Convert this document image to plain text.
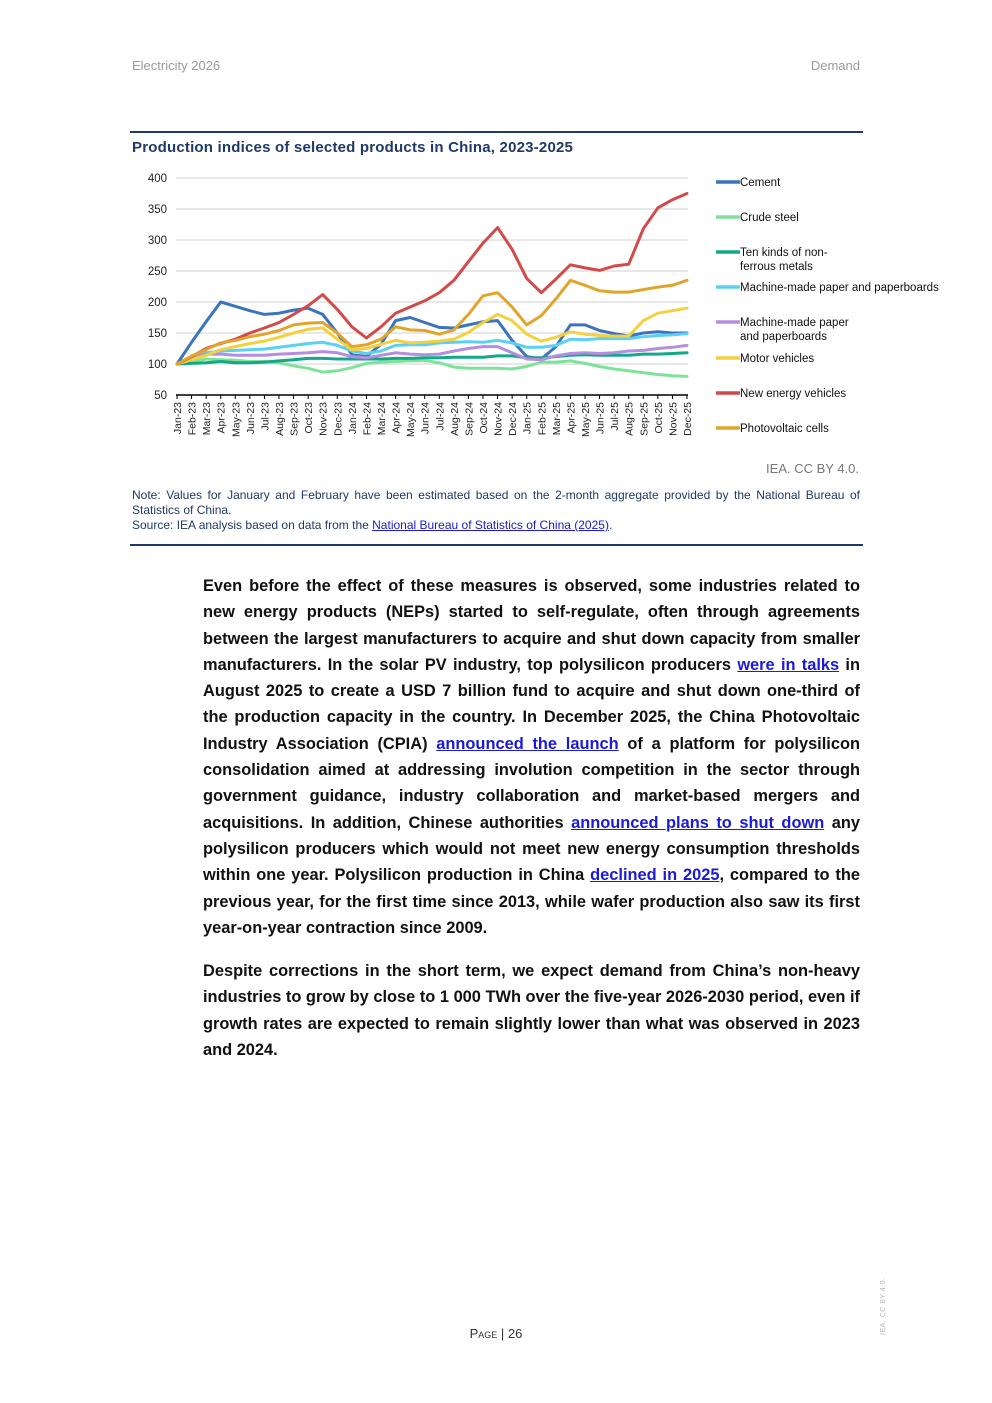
Electricity 2026	Demand
Production indices of selected products in China, 2023-2025
50
100
150
200
250
300
350
400
Jan-23 Feb-23 Mar-23 Apr-23 May-23 Jun-23 Jul-23 Aug-23 Sep-23 Oct-23 Nov-23 Dec-23 Jan-24 Feb-24 Mar-24 Apr-24 May-24 Jun-24 Jul-24 Aug-24 Sep-24 Oct-24 Nov-24 Dec-24 Jan-25 Feb-25 Mar-25 Apr-25 May-25 Jun-25 Jul-25 Aug-25 Sep-25 Oct-25 Nov-25 Dec-25
Cement
Crude steel
Ten kinds of non-ferrous metals
Machine-made paper and paperboards
Machine-made paper and paperboards
Motor vehicles
New energy vehicles
Photovoltaic cells
IEA. CC BY 4.0.
Note: Values for January and February have been estimated based on the 2-month aggregate provided by the National Bureau of Statistics of China.
Source: IEA analysis based on data from the National Bureau of Statistics of China (2025).
Even before the effect of these measures is observed, some industries related to new energy products (NEPs) started to self-regulate, often through agreements between the largest manufacturers to acquire and shut down capacity from smaller manufacturers. In the solar PV industry, top polysilicon producers were in talks in August 2025 to create a USD 7 billion fund to acquire and shut down one-third of the production capacity in the country. In December 2025, the China Photovoltaic Industry Association (CPIA) announced the launch of a platform for polysilicon consolidation aimed at addressing involution competition in the sector through government guidance, industry collaboration and market-based mergers and acquisitions. In addition, Chinese authorities announced plans to shut down any polysilicon producers which would not meet new energy consumption thresholds within one year. Polysilicon production in China declined in 2025, compared to the previous year, for the first time since 2013, while wafer production also saw its first year-on-year contraction since 2009.
Despite corrections in the short term, we expect demand from China’s non-heavy industries to grow by close to 1 000 TWh over the five-year 2026-2030 period, even if growth rates are expected to remain slightly lower than what was observed in 2023 and 2024.
Page | 26	IEA. CC BY 4.0.
